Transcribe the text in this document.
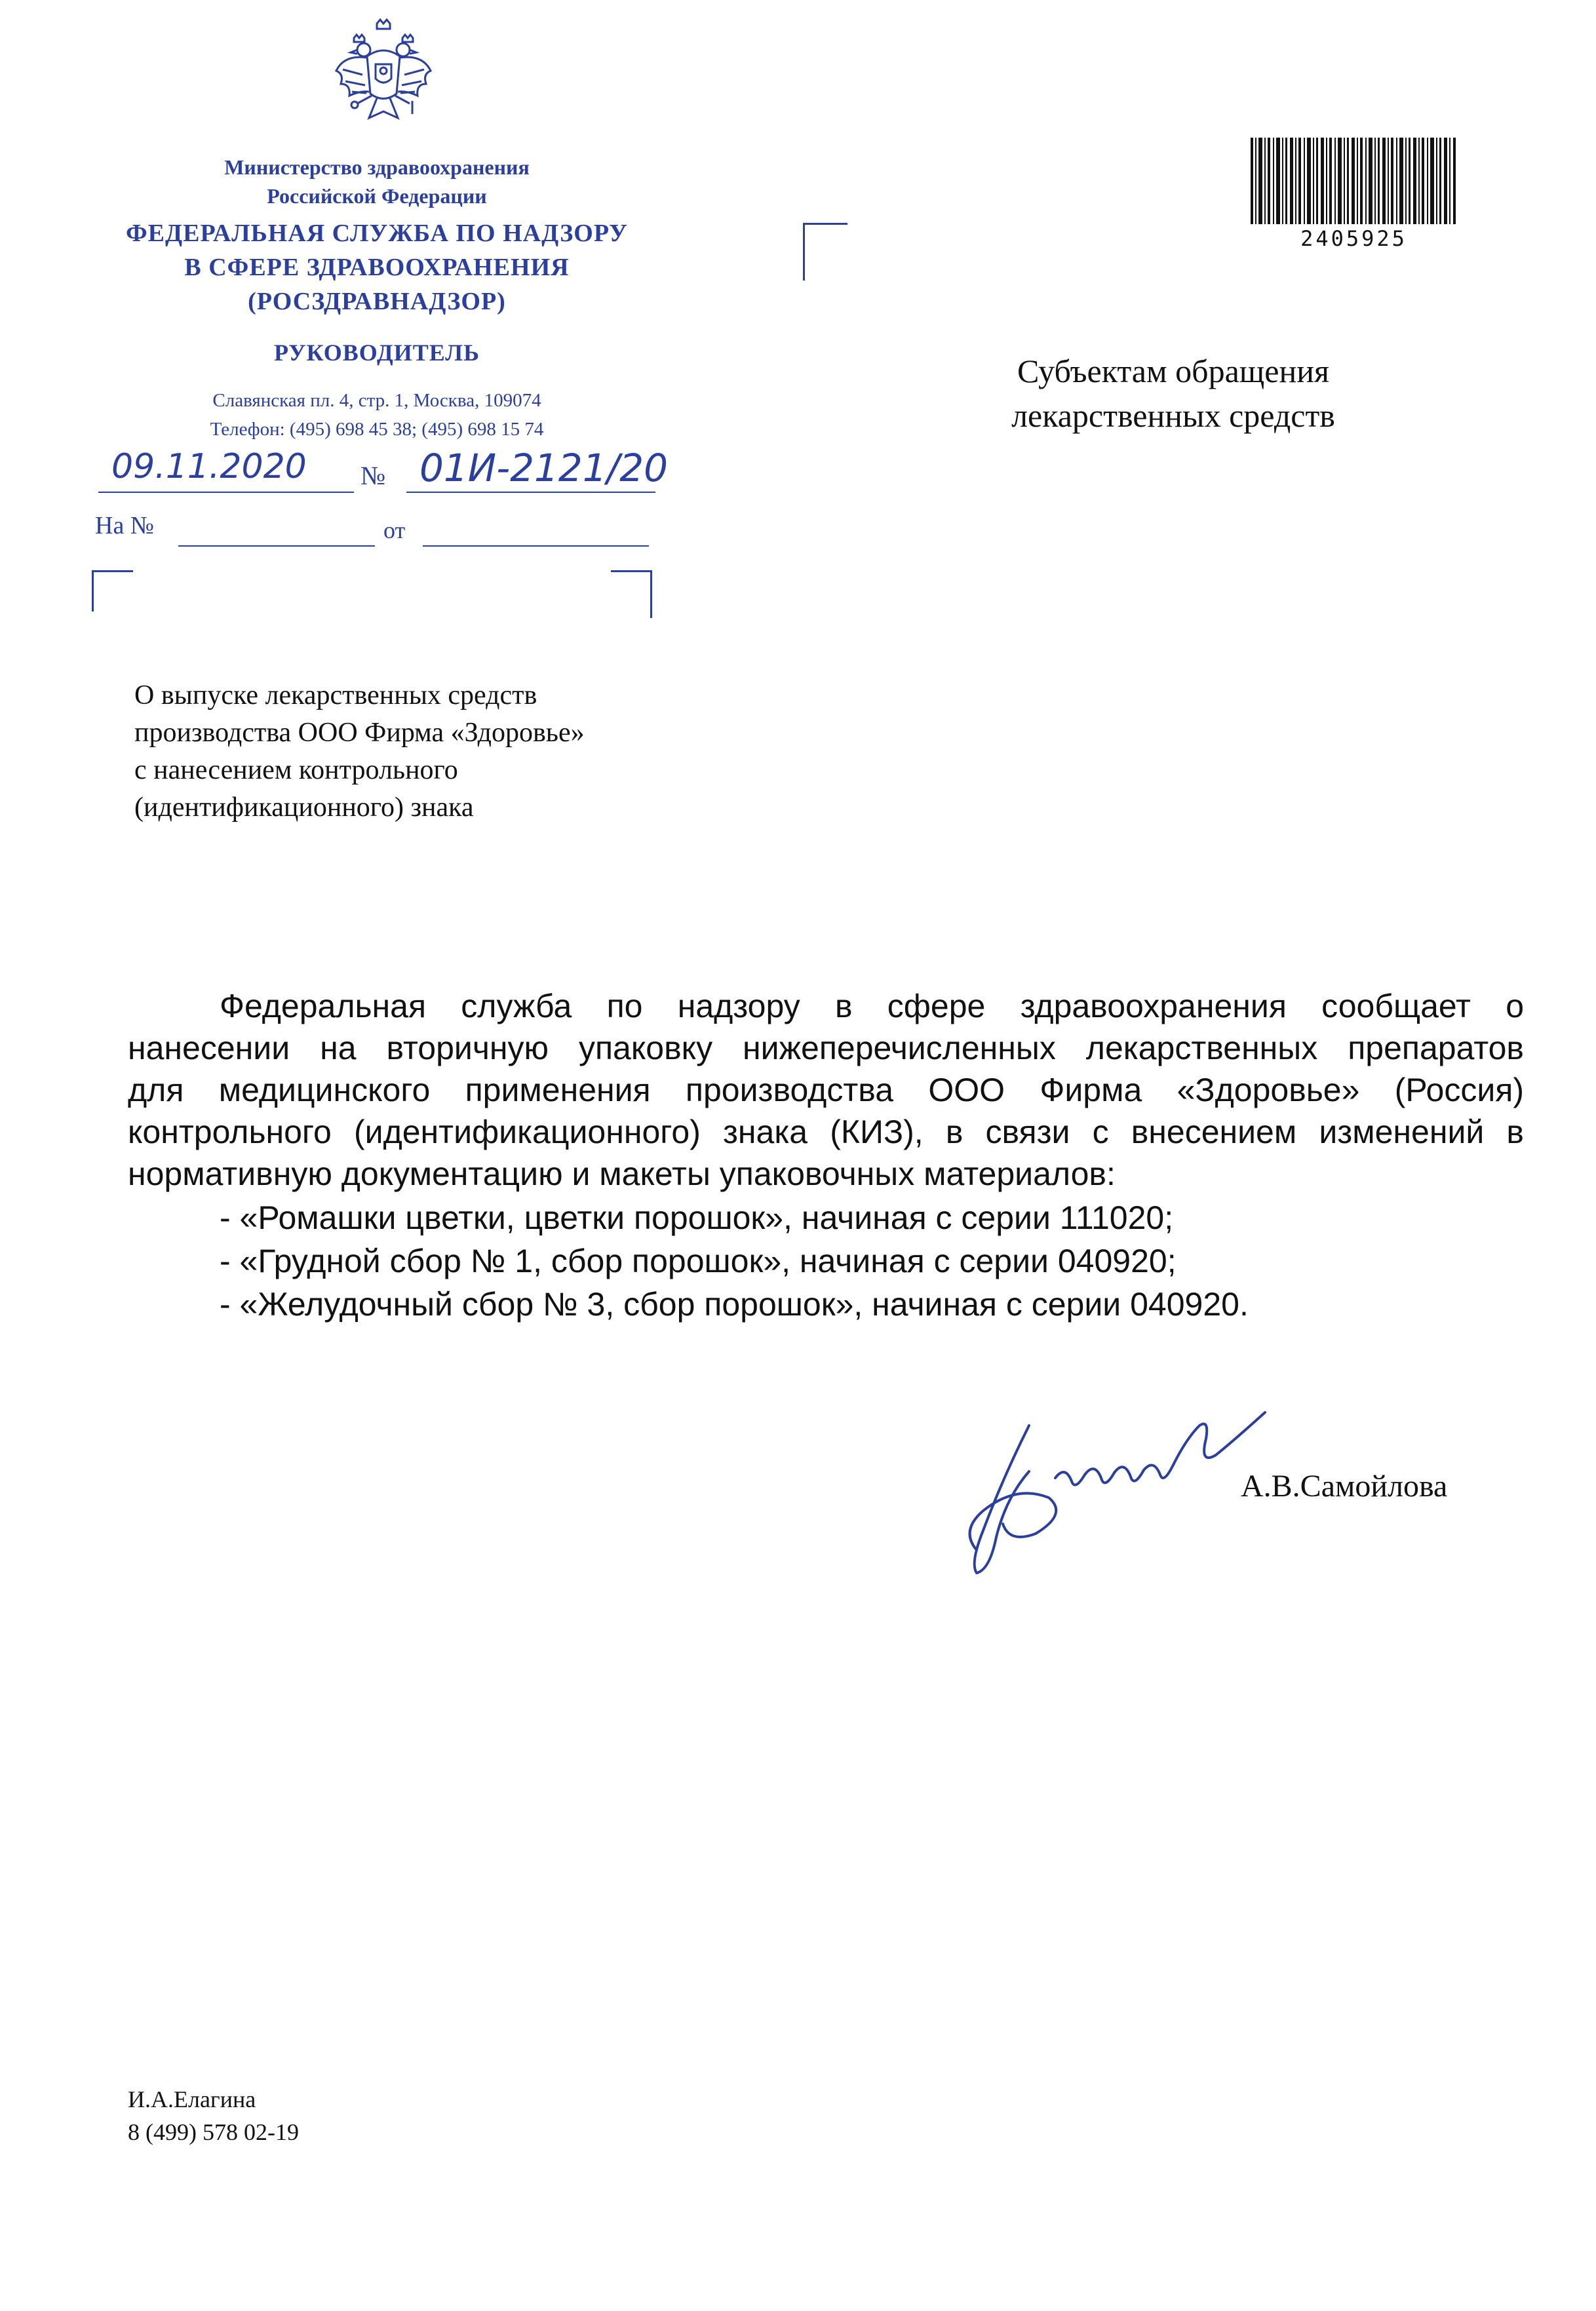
Министерство здравоохранения
Российской Федерации
ФЕДЕРАЛЬНАЯ СЛУЖБА ПО НАДЗОРУ
В СФЕРЕ ЗДРАВООХРАНЕНИЯ
(РОСЗДРАВНАДЗОР)
РУКОВОДИТЕЛЬ
Славянская пл. 4, стр. 1, Москва, 109074
Телефон: (495) 698 45 38; (495) 698 15 74
09.11.2020 № 01И-2121/20
На №	от
2405925
Субъектам обращения
лекарственных средств
О выпуске лекарственных средств
производства ООО Фирма «Здоровье»
с нанесением контрольного
(идентификационного) знака
Федеральная служба по надзору в сфере здравоохранения сообщает о
нанесении на вторичную упаковку нижеперечисленных лекарственных препаратов
для медицинского применения производства ООО Фирма «Здоровье» (Россия)
контрольного (идентификационного) знака (КИЗ), в связи с внесением изменений в
нормативную документацию и макеты упаковочных материалов:
- «Ромашки цветки, цветки порошок», начиная с серии 111020;
- «Грудной сбор № 1, сбор порошок», начиная с серии 040920;
- «Желудочный сбор № 3, сбор порошок», начиная с серии 040920.
А.В.Самойлова
И.А.Елагина
8 (499) 578 02-19
